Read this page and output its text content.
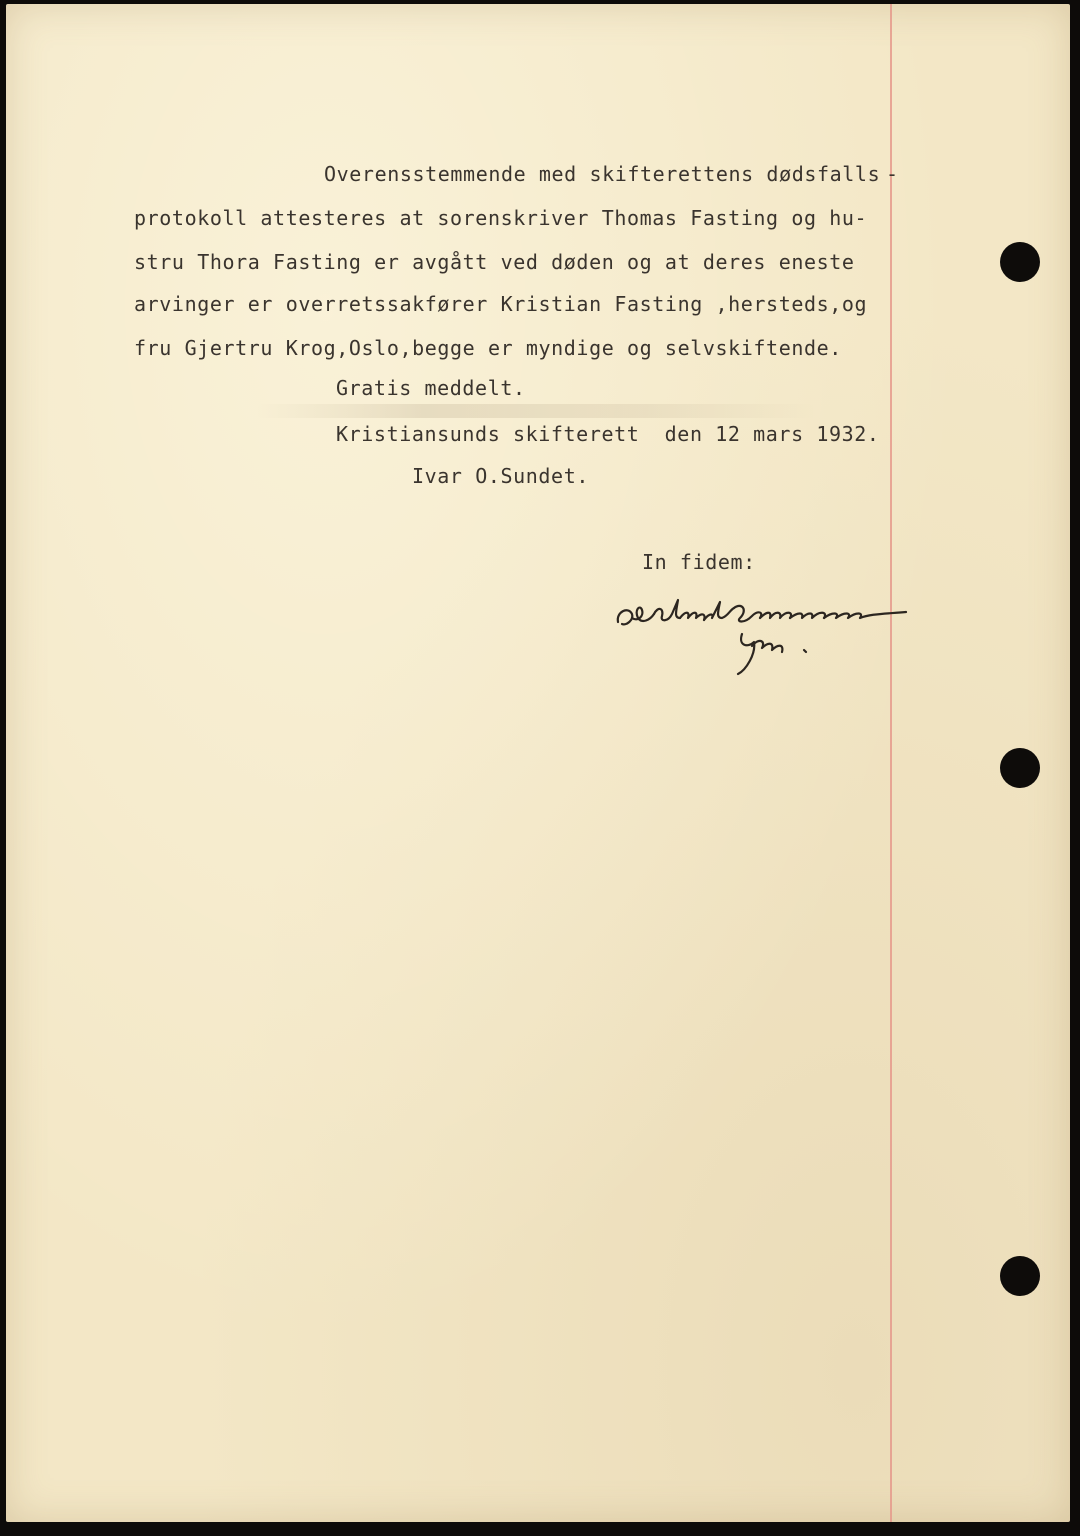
Overensstemmende med skifterettens dødsfalls -

protokoll attesteres at sorenskriver Thomas Fasting og hu-

stru Thora Fasting er avgått ved døden og at deres eneste

arvinger er overretssakfører Kristian Fasting ,hersteds,og

fru Gjertru Krog,Oslo,begge er myndige og selvskiftende.

Gratis meddelt.

Kristiansunds skifterett  den 12 mars 1932.

Ivar O.Sundet.

In fidem:
